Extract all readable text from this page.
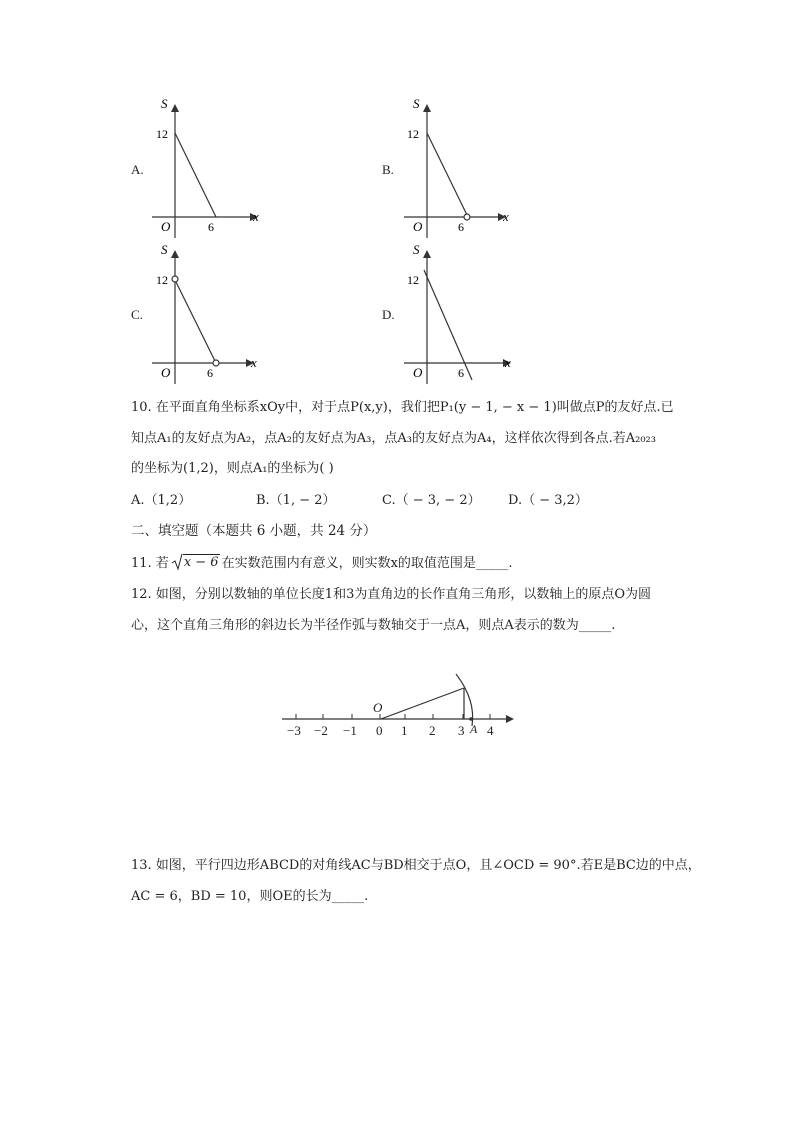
A.
S
x
O
12
6
B.
S
x
O
12
6
C.
S
x
O
12
6
D.
S
x
O
12
6
10. 在平面直角坐标系xOy中，对于点P(x,y)，我们把P₁(y − 1, − x − 1)叫做点P的友好点.已
知点A₁的友好点为A₂，点A₂的友好点为A₃，点A₃的友好点为A₄，这样依次得到各点.若A₂₀₂₃
的坐标为(1,2)，则点A₁的坐标为( )
A.（1,2）	B.（1, − 2）	C.（ − 3, − 2） D.（ − 3,2）
二、填空题（本题共 6 小题，共 24 分）
11. 若 x − 6 在实数范围内有意义，则实数x的取值范围是_____.
12. 如图，分别以数轴的单位长度1和3为直角边的长作直角三角形，以数轴上的原点O为圆
心，这个直角三角形的斜边长为半径作弧与数轴交于一点A，则点A表示的数为_____.
−3 −2 −1 0 1 2 3 4
O
A
13. 如图，平行四边形ABCD的对角线AC与BD相交于点O，且∠OCD = 90°.若E是BC边的中点，
AC = 6，BD = 10，则OE的长为_____.
